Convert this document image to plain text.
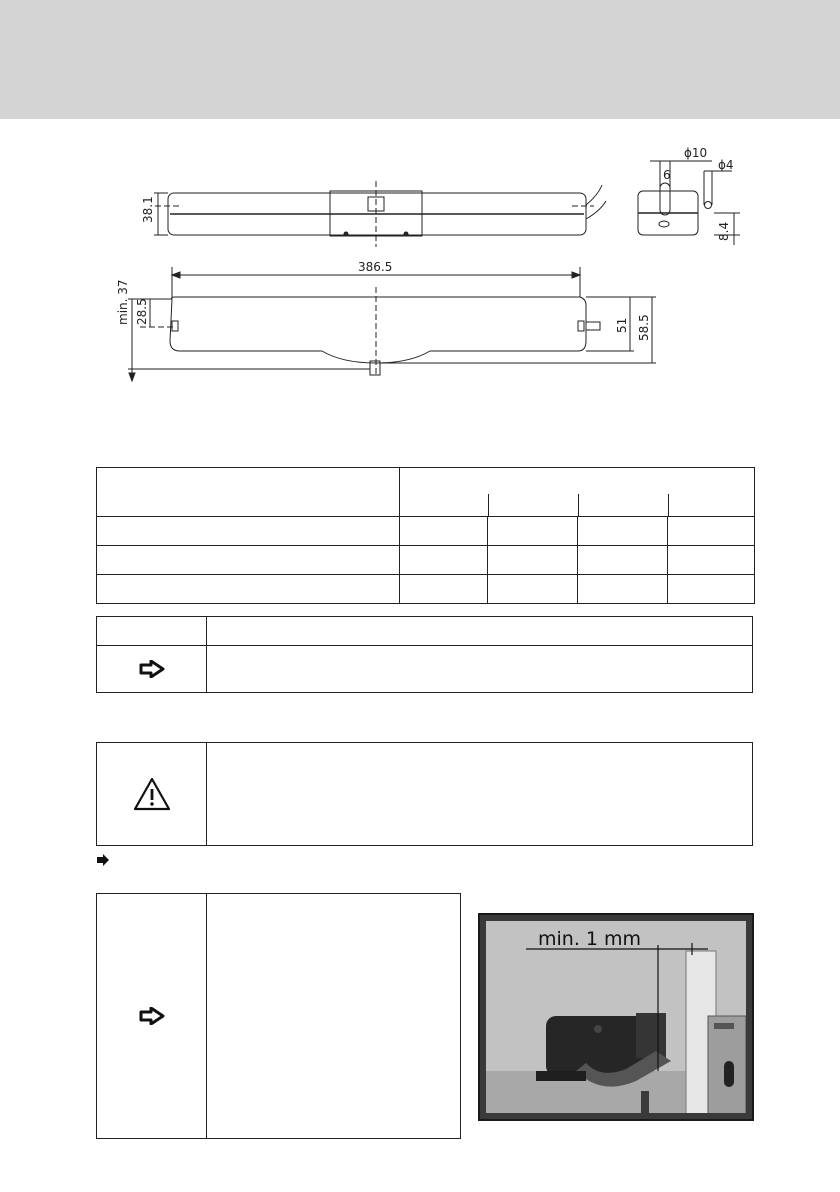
38.1
ϕ10
6
ϕ4
8.4
386.5
min. 37 28.5
51 58.5

min. 1 mm
